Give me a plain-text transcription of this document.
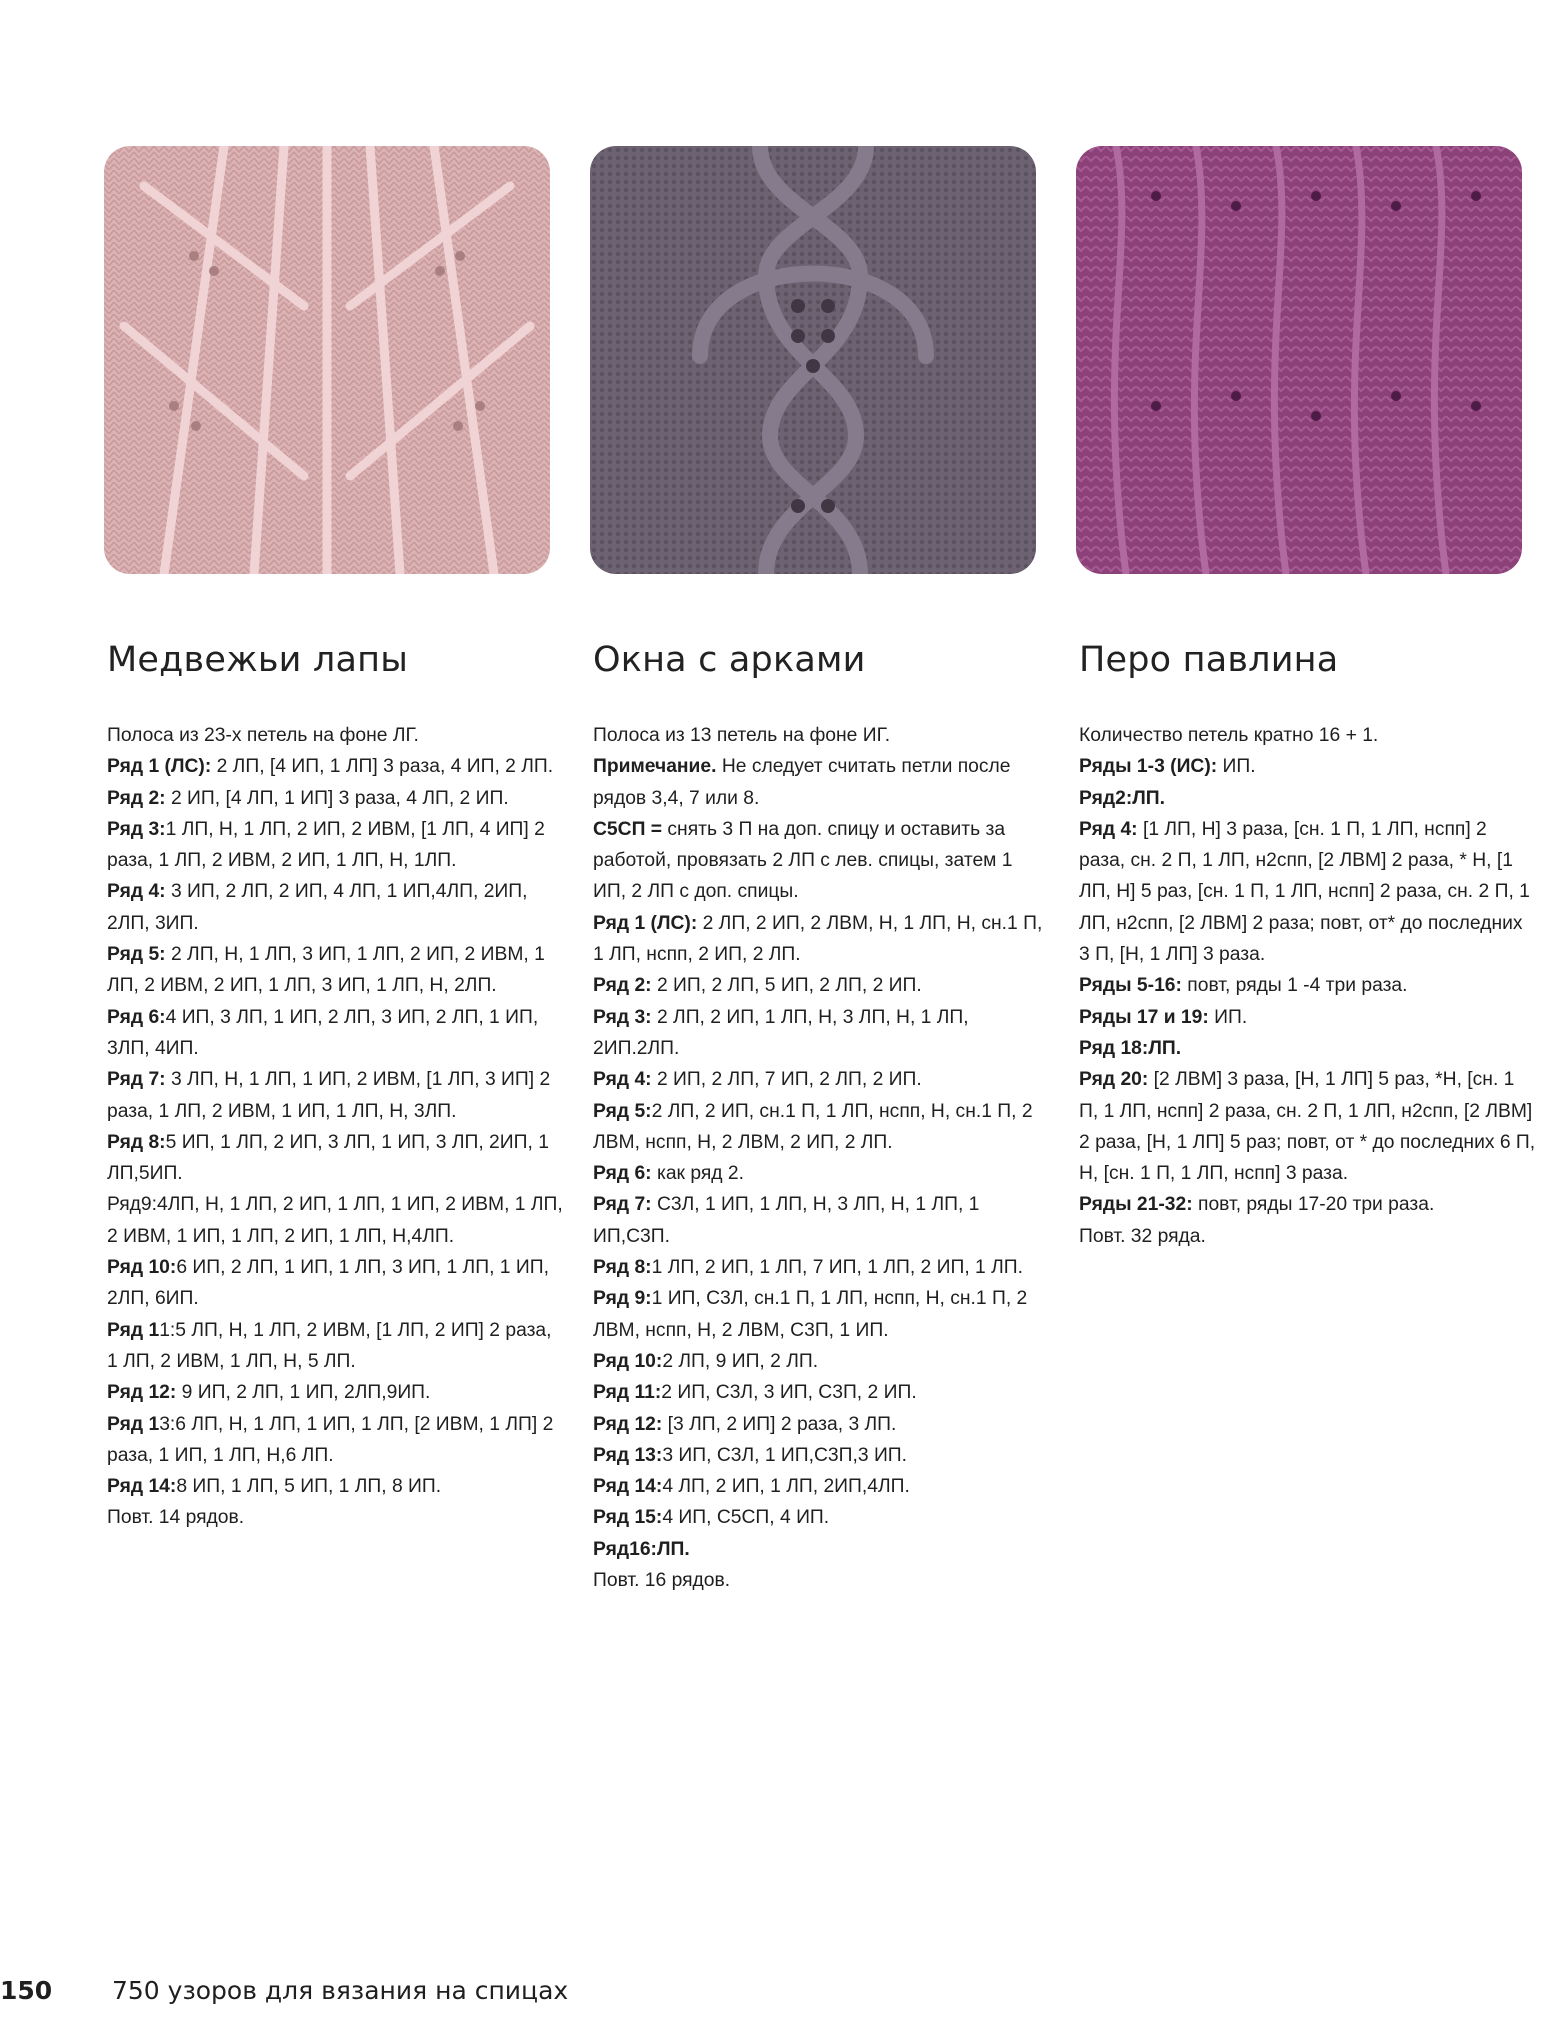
Медвежьи лапы

Полоса из 23-х петель на фоне ЛГ.

Ряд 1 (ЛС): 2 ЛП, [4 ИП, 1 ЛП] 3 раза, 4 ИП, 2 ЛП.

Ряд 2: 2 ИП, [4 ЛП, 1 ИП] 3 раза, 4 ЛП, 2 ИП.

Ряд 3:1 ЛП, Н, 1 ЛП, 2 ИП, 2 ИВМ, [1 ЛП, 4 ИП] 2 раза, 1 ЛП, 2 ИВМ, 2 ИП, 1 ЛП, Н, 1ЛП.

Ряд 4: 3 ИП, 2 ЛП, 2 ИП, 4 ЛП, 1 ИП,4ЛП, 2ИП, 2ЛП, 3ИП.

Ряд 5: 2 ЛП, Н, 1 ЛП, 3 ИП, 1 ЛП, 2 ИП, 2 ИВМ, 1 ЛП, 2 ИВМ, 2 ИП, 1 ЛП, 3 ИП, 1 ЛП, Н, 2ЛП.

Ряд 6:4 ИП, 3 ЛП, 1 ИП, 2 ЛП, 3 ИП, 2 ЛП, 1 ИП, 3ЛП, 4ИП.

Ряд 7: 3 ЛП, Н, 1 ЛП, 1 ИП, 2 ИВМ, [1 ЛП, 3 ИП] 2 раза, 1 ЛП, 2 ИВМ, 1 ИП, 1 ЛП, Н, 3ЛП.

Ряд 8:5 ИП, 1 ЛП, 2 ИП, 3 ЛП, 1 ИП, 3 ЛП, 2ИП, 1 ЛП,5ИП.

Ряд9:4ЛП, Н, 1 ЛП, 2 ИП, 1 ЛП, 1 ИП, 2 ИВМ, 1 ЛП, 2 ИВМ, 1 ИП, 1 ЛП, 2 ИП, 1 ЛП, Н,4ЛП.

Ряд 10:6 ИП, 2 ЛП, 1 ИП, 1 ЛП, 3 ИП, 1 ЛП, 1 ИП, 2ЛП, 6ИП.

Ряд 11:5 ЛП, Н, 1 ЛП, 2 ИВМ, [1 ЛП, 2 ИП] 2 раза, 1 ЛП, 2 ИВМ, 1 ЛП, Н, 5 ЛП.

Ряд 12: 9 ИП, 2 ЛП, 1 ИП, 2ЛП,9ИП.

Ряд 13:6 ЛП, Н, 1 ЛП, 1 ИП, 1 ЛП, [2 ИВМ, 1 ЛП] 2 раза, 1 ИП, 1 ЛП, Н,6 ЛП.

Ряд 14:8 ИП, 1 ЛП, 5 ИП, 1 ЛП, 8 ИП.

Повт. 14 рядов.

Окна с арками

Полоса из 13 петель на фоне ИГ.

Примечание. Не следует считать петли после рядов 3,4, 7 или 8.

С5СП = снять 3 П на доп. спицу и оставить за работой, провязать 2 ЛП с лев. спицы, затем 1 ИП, 2 ЛП с доп. спицы.

Ряд 1 (ЛС): 2 ЛП, 2 ИП, 2 ЛВМ, Н, 1 ЛП, Н, сн.1 П, 1 ЛП, нспп, 2 ИП, 2 ЛП.

Ряд 2: 2 ИП, 2 ЛП, 5 ИП, 2 ЛП, 2 ИП.

Ряд 3: 2 ЛП, 2 ИП, 1 ЛП, Н, 3 ЛП, Н, 1 ЛП, 2ИП.2ЛП.

Ряд 4: 2 ИП, 2 ЛП, 7 ИП, 2 ЛП, 2 ИП.

Ряд 5:2 ЛП, 2 ИП, сн.1 П, 1 ЛП, нспп, Н, сн.1 П, 2 ЛВМ, нспп, Н, 2 ЛВМ, 2 ИП, 2 ЛП.

Ряд 6: как ряд 2.

Ряд 7: С3Л, 1 ИП, 1 ЛП, Н, 3 ЛП, Н, 1 ЛП, 1 ИП,С3П.

Ряд 8:1 ЛП, 2 ИП, 1 ЛП, 7 ИП, 1 ЛП, 2 ИП, 1 ЛП.

Ряд 9:1 ИП, С3Л, сн.1 П, 1 ЛП, нспп, Н, сн.1 П, 2 ЛВМ, нспп, Н, 2 ЛВМ, С3П, 1 ИП.

Ряд 10:2 ЛП, 9 ИП, 2 ЛП.

Ряд 11:2 ИП, С3Л, 3 ИП, С3П, 2 ИП.

Ряд 12: [3 ЛП, 2 ИП] 2 раза, 3 ЛП.

Ряд 13:3 ИП, С3Л, 1 ИП,С3П,3 ИП.

Ряд 14:4 ЛП, 2 ИП, 1 ЛП, 2ИП,4ЛП.

Ряд 15:4 ИП, С5СП, 4 ИП.

Ряд16:ЛП.

Повт. 16 рядов.

Перо павлина

Количество петель кратно 16 + 1.

Ряды 1-3 (ИС): ИП.

Ряд2:ЛП.

Ряд 4: [1 ЛП, Н] 3 раза, [сн. 1 П, 1 ЛП, нспп] 2 раза, сн. 2 П, 1 ЛП, н2спп, [2 ЛВМ] 2 раза, * Н, [1 ЛП, Н] 5 раз, [сн. 1 П, 1 ЛП, нспп] 2 раза, сн. 2 П, 1 ЛП, н2спп, [2 ЛВМ] 2 раза; повт, от* до последних 3 П, [Н, 1 ЛП] 3 раза.

Ряды 5-16: повт, ряды 1 -4 три раза.

Ряды 17 и 19: ИП.

Ряд 18:ЛП.

Ряд 20: [2 ЛВМ] 3 раза, [Н, 1 ЛП] 5 раз, *Н, [сн. 1 П, 1 ЛП, нспп] 2 раза, сн. 2 П, 1 ЛП, н2спп, [2 ЛВМ] 2 раза, [Н, 1 ЛП] 5 раз; повт, от * до последних 6 П, Н, [сн. 1 П, 1 ЛП, нспп] 3 раза.

Ряды 21-32: повт, ряды 17-20 три раза.

Повт. 32 ряда.

150 750 узоров для вязания на спицах
